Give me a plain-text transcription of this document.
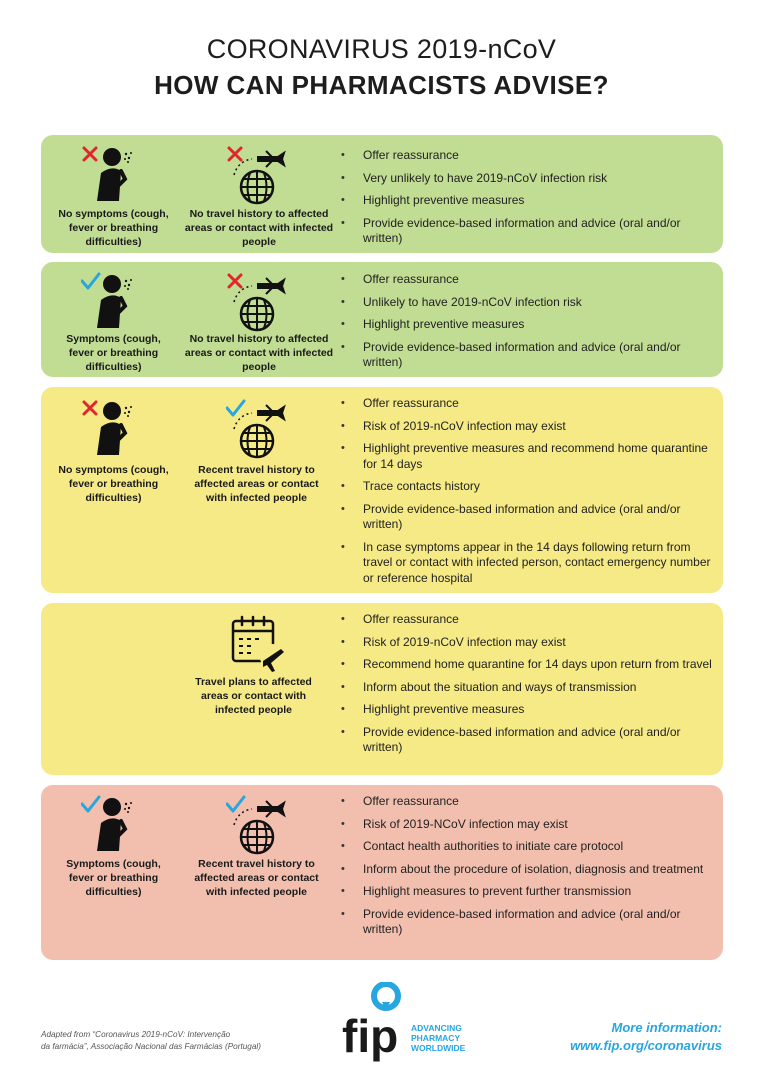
CORONAVIRUS 2019-nCoV
HOW CAN PHARMACISTS ADVISE?
No symptoms (cough, fever or breathing difficulties)
No travel history to affected areas or contact with infected people
• Offer reassurance
• Very unlikely to have 2019-nCoV infection risk
• Highlight preventive measures
• Provide evidence-based information and advice (oral and/or written)
Symptoms (cough, fever or breathing difficulties)
No travel history to affected areas or contact with infected people
• Offer reassurance
• Unlikely to have 2019-nCoV infection risk
• Highlight preventive measures
• Provide evidence-based information and advice (oral and/or written)
No symptoms (cough, fever or breathing difficulties)
Recent travel history to affected areas or contact with infected people
• Offer reassurance
• Risk of 2019-nCoV infection may exist
• Highlight preventive measures and recommend home quarantine for 14 days
• Trace contacts history
• Provide evidence-based information and advice (oral and/or written)
• In case symptoms appear in the 14 days following return from travel or contact with infected person, contact emergency number or reference hospital
Travel plans to affected areas or contact with infected people
• Offer reassurance
• Risk of 2019-nCoV infection may exist
• Recommend home quarantine for 14 days upon return from travel
• Inform about the situation and ways of transmission
• Highlight preventive measures
• Provide evidence-based information and advice (oral and/or written)
Symptoms (cough, fever or breathing difficulties)
Recent travel history to affected areas or contact with infected people
• Offer reassurance
• Risk of 2019-NCoV infection may exist
• Contact health authorities to initiate care protocol
• Inform about the procedure of isolation, diagnosis and treatment
• Highlight measures to prevent further transmission
• Provide evidence-based information and advice (oral and/or written)
Adapted from “Coronavirus 2019-nCoV: Intervenção
da farmácia”, Associação Nacional das Farmácias (Portugal)	fip ADVANCING
PHARMACY
WORLDWIDE
More information:
www.fip.org/coronavirus
